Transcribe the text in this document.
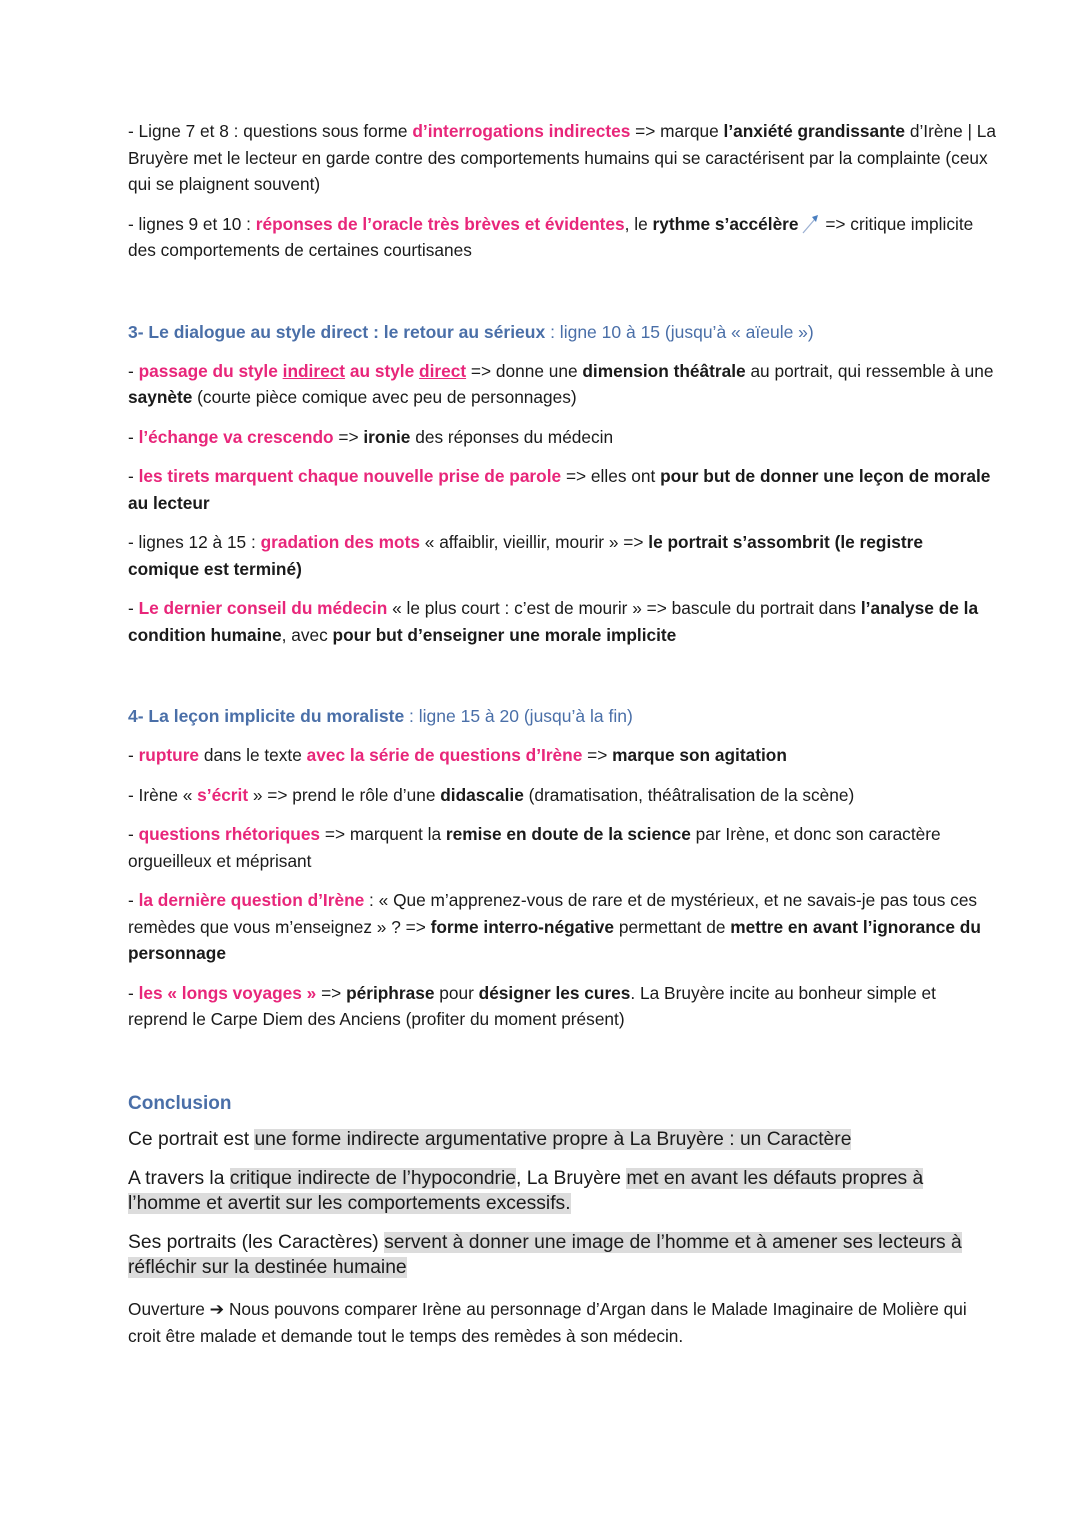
- Ligne 7 et 8 : questions sous forme d’interrogations indirectes => marque l’anxiété grandissante d’Irène | La Bruyère met le lecteur en garde contre des comportements humains qui se caractérisent par la complainte (ceux qui se plaignent souvent)

- lignes 9 et 10 : réponses de l’oracle très brèves et évidentes, le rythme s’accélère => critique implicite des comportements de certaines courtisanes

3- Le dialogue au style direct : le retour au sérieux : ligne 10 à 15 (jusqu’à « aïeule »)

- passage du style indirect au style direct => donne une dimension théâtrale au portrait, qui ressemble à une saynète (courte pièce comique avec peu de personnages)

- l’échange va crescendo => ironie des réponses du médecin

- les tirets marquent chaque nouvelle prise de parole => elles ont pour but de donner une leçon de morale au lecteur

- lignes 12 à 15 : gradation des mots « affaiblir, vieillir, mourir » => le portrait s’assombrit (le registre comique est terminé)

- Le dernier conseil du médecin « le plus court : c’est de mourir » => bascule du portrait dans l’analyse de la condition humaine, avec pour but d’enseigner une morale implicite

4- La leçon implicite du moraliste : ligne 15 à 20 (jusqu’à la fin)

- rupture dans le texte avec la série de questions d’Irène => marque son agitation

- Irène « s’écrit » => prend le rôle d’une didascalie (dramatisation, théâtralisation de la scène)

- questions rhétoriques => marquent la remise en doute de la science par Irène, et donc son caractère orgueilleux et méprisant

- la dernière question d’Irène : « Que m’apprenez-vous de rare et de mystérieux, et ne savais-je pas tous ces remèdes que vous m’enseignez » ? => forme interro-négative permettant de mettre en avant l’ignorance du personnage

- les « longs voyages » => périphrase pour désigner les cures. La Bruyère incite au bonheur simple et reprend le Carpe Diem des Anciens (profiter du moment présent)

Conclusion

Ce portrait est une forme indirecte argumentative propre à La Bruyère : un Caractère

A travers la critique indirecte de l’hypocondrie, La Bruyère met en avant les défauts propres à l’homme et avertit sur les comportements excessifs.

Ses portraits (les Caractères) servent à donner une image de l’homme et à amener ses lecteurs à réfléchir sur la destinée humaine

Ouverture ➔ Nous pouvons comparer Irène au personnage d’Argan dans le Malade Imaginaire de Molière qui croit être malade et demande tout le temps des remèdes à son médecin.
